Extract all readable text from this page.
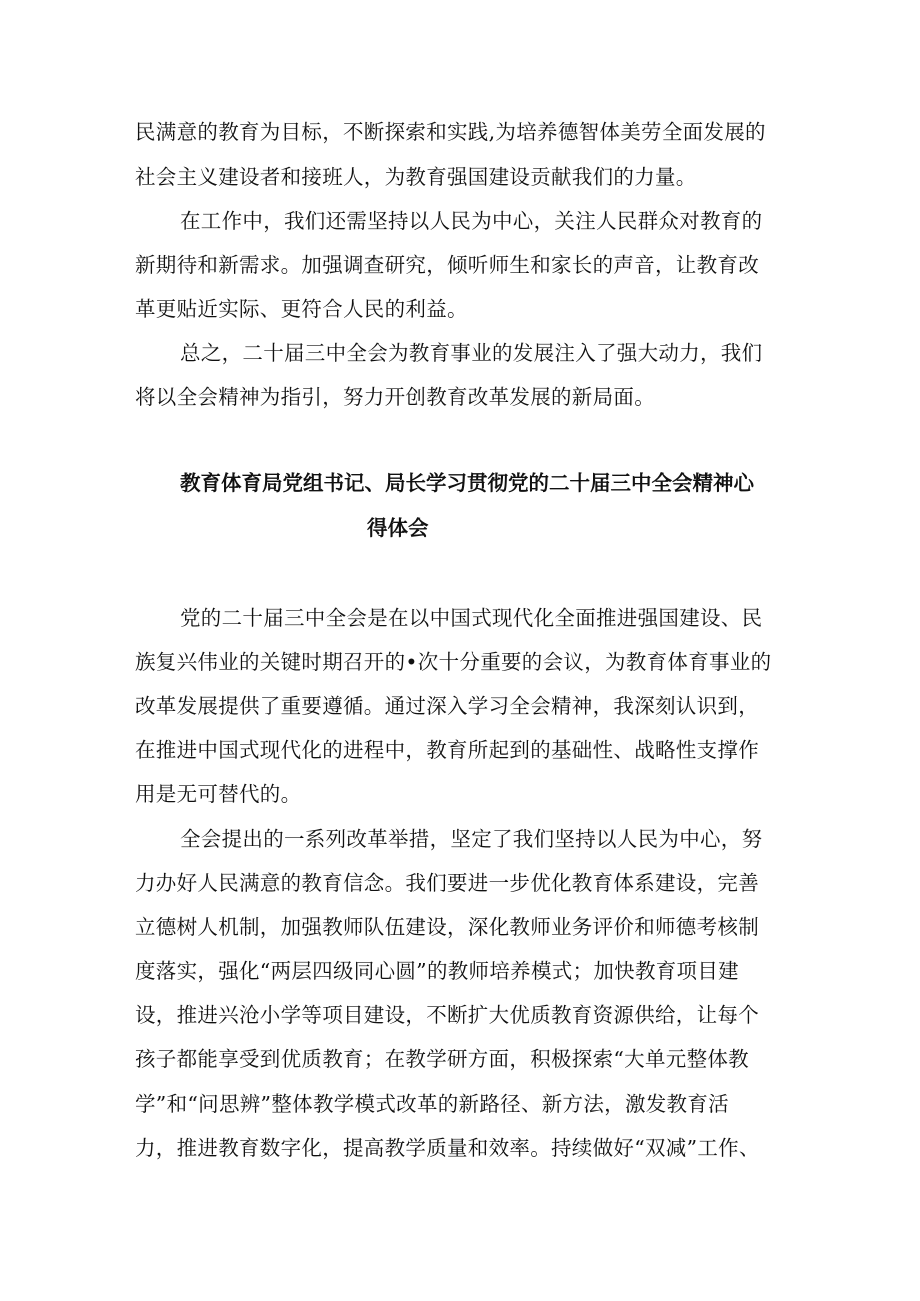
民满意的教育为目标，不断探索和实践,为培养德智体美劳全面发展的
社会主义建设者和接班人，为教育强国建设贡献我们的力量。
在工作中，我们还需坚持以人民为中心，关注人民群众对教育的
新期待和新需求。加强调查研究，倾听师生和家长的声音，让教育改
革更贴近实际、更符合人民的利益。
总之，二十届三中全会为教育事业的发展注入了强大动力，我们
将以全会精神为指引，努力开创教育改革发展的新局面。
教育体育局党组书记、局长学习贯彻党的二十届三中全会精神心
得体会
党的二十届三中全会是在以中国式现代化全面推进强国建设、民
族复兴伟业的关键时期召开的•次十分重要的会议，为教育体育事业的
改革发展提供了重要遵循。通过深入学习全会精神，我深刻认识到，
在推进中国式现代化的进程中，教育所起到的基础性、战略性支撑作
用是无可替代的。
全会提出的一系列改革举措，坚定了我们坚持以人民为中心，努
力办好人民满意的教育信念。我们要进一步优化教育体系建设，完善
立德树人机制，加强教师队伍建设，深化教师业务评价和师德考核制
度落实，强化“两层四级同心圆”的教师培养模式；加快教育项目建
设，推进兴沧小学等项目建设，不断扩大优质教育资源供给，让每个
孩子都能享受到优质教育；在教学研方面，积极探索“大单元整体教
学”和“问思辨”整体教学模式改革的新路径、新方法，激发教育活
力，推进教育数字化，提高教学质量和效率。持续做好“双减”工作、
